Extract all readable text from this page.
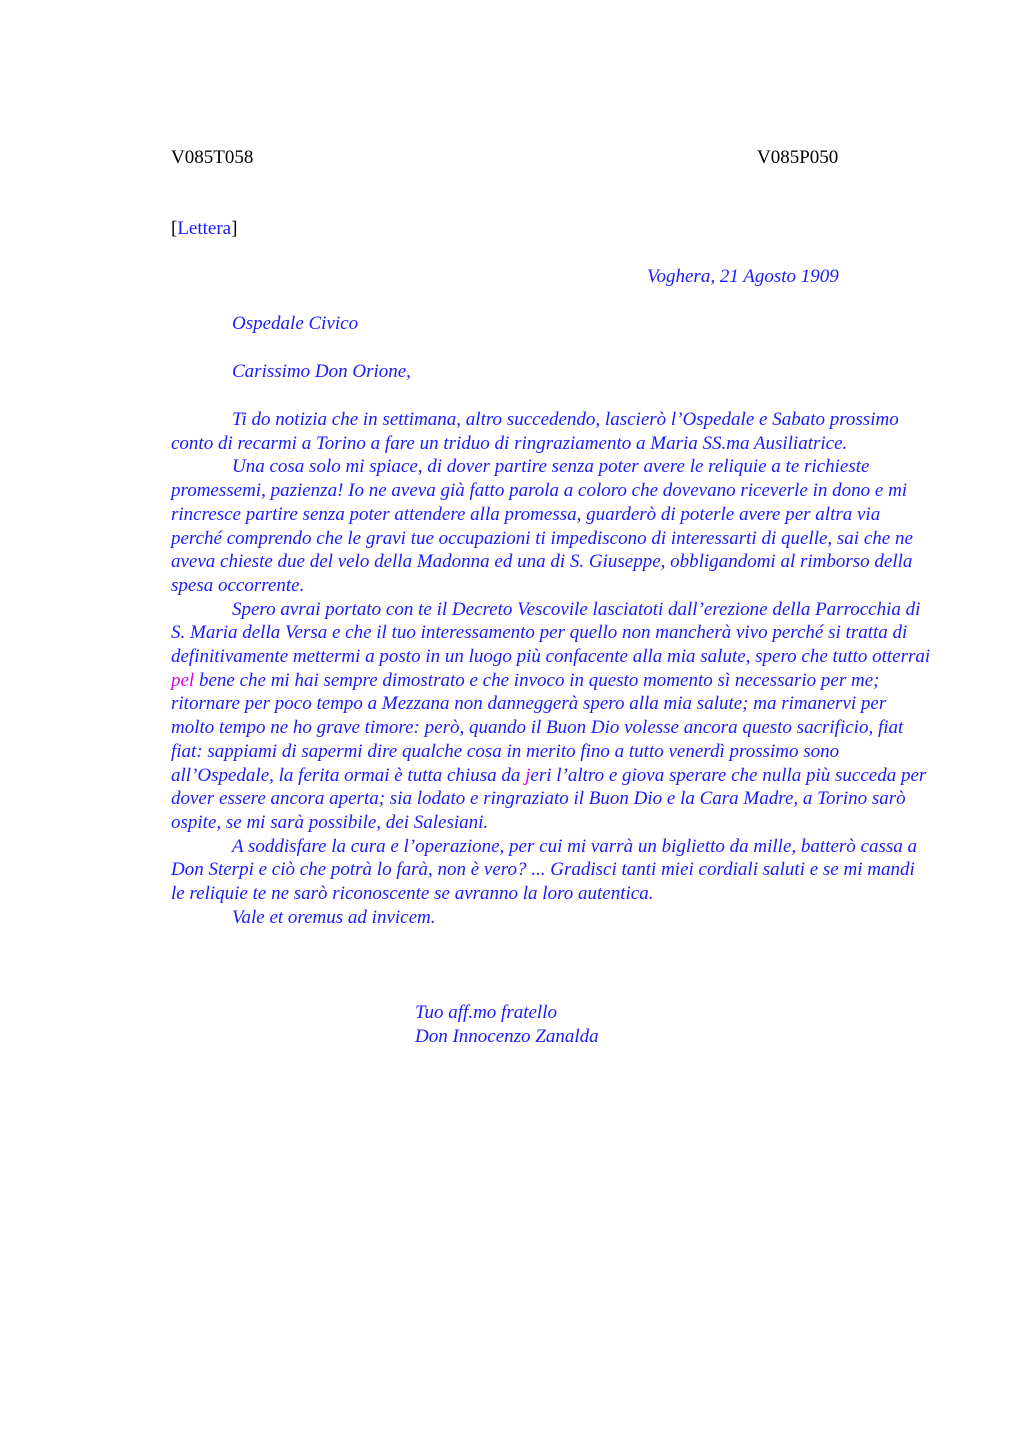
V085T058	V085P050
[Lettera]
Voghera, 21 Agosto 1909
Ospedale Civico
Carissimo Don Orione,

Ti do notizia che in settimana, altro succedendo, lascierò l’Ospedale e Sabato prossimo conto di recarmi a Torino a fare un triduo di ringraziamento a Maria SS.ma Ausiliatrice.

Una cosa solo mi spiace, di dover partire senza poter avere le reliquie a te richieste promessemi, pazienza! Io ne aveva già fatto parola a coloro che dovevano riceverle in dono e mi rincresce partire senza poter attendere alla promessa, guarderò di poterle avere per altra via perché comprendo che le gravi tue occupazioni ti impediscono di interessarti di quelle, sai che ne aveva chieste due del velo della Madonna ed una di S. Giuseppe, obbligandomi al rimborso della spesa occorrente.

Spero avrai portato con te il Decreto Vescovile lasciatoti dall’erezione della Parrocchia di S. Maria della Versa e che il tuo interessamento per quello non mancherà vivo perché si tratta di definitivamente mettermi a posto in un luogo più confacente alla mia salute, spero che tutto otterrai pel bene che mi hai sempre dimostrato e che invoco in questo momento sì necessario per me; ritornare per poco tempo a Mezzana non danneggerà spero alla mia salute; ma rimanervi per molto tempo ne ho grave timore: però, quando il Buon Dio volesse ancora questo sacrificio, fiat fiat: sappiami di sapermi dire qualche cosa in merito fino a tutto venerdì prossimo sono all’Ospedale, la ferita ormai è tutta chiusa da jeri l’altro e giova sperare che nulla più succeda per dover essere ancora aperta; sia lodato e ringraziato il Buon Dio e la Cara Madre, a Torino sarò ospite, se mi sarà possibile, dei Salesiani.

A soddisfare la cura e l’operazione, per cui mi varrà un biglietto da mille, batterò cassa a Don Sterpi e ciò che potrà lo farà, non è vero? ... Gradisci tanti miei cordiali saluti e se mi mandi le reliquie te ne sarò riconoscente se avranno la loro autentica.

Vale et oremus ad invicem.

Tuo aff.mo fratello
Don Innocenzo Zanalda
